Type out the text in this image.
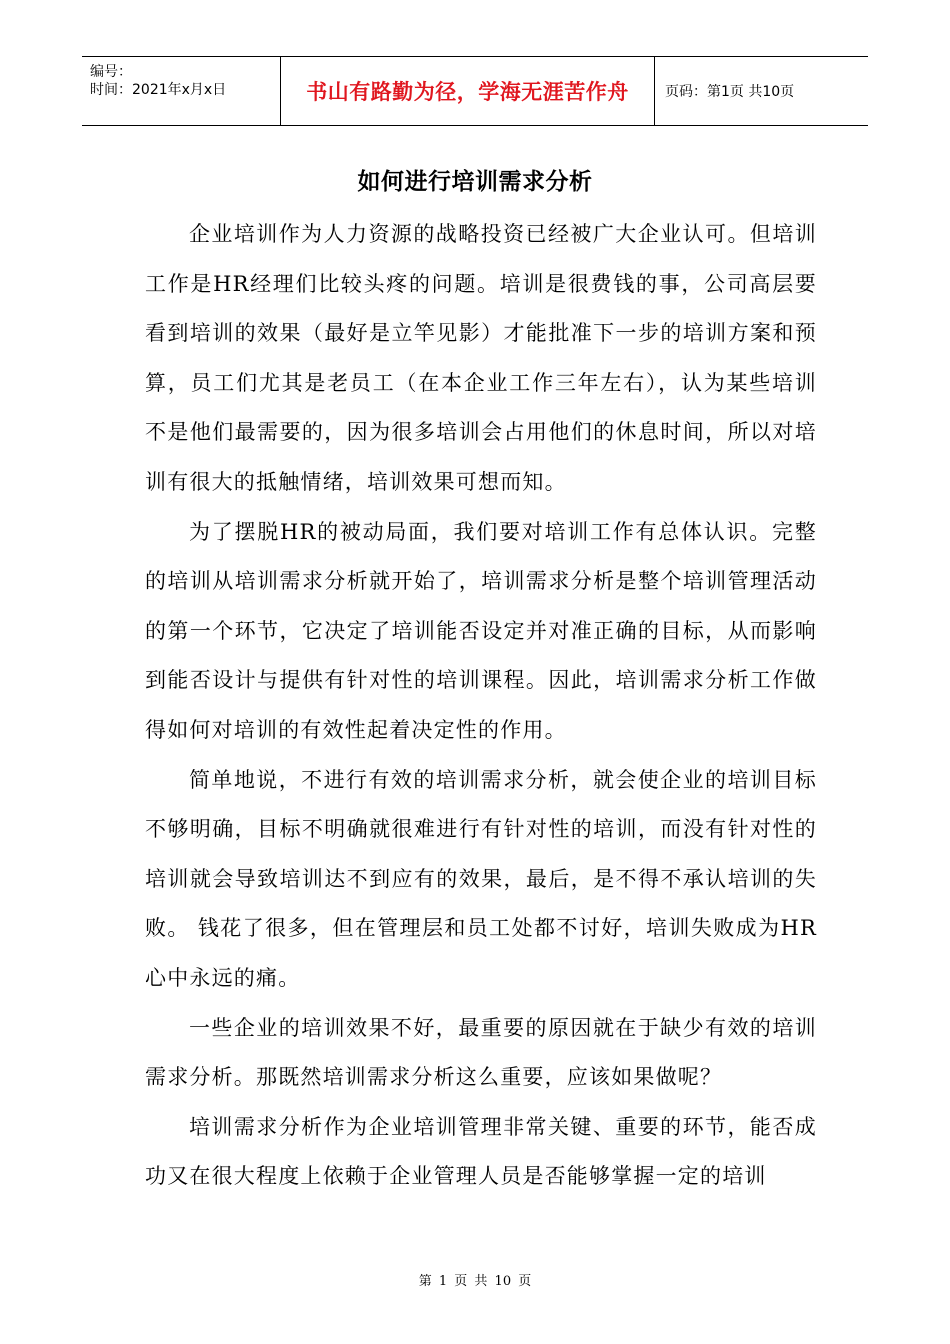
编号：
时间：2021年x月x日	书山有路勤为径，学海无涯苦作舟	页码：第1页 共10页
如何进行培训需求分析

企业培训作为人力资源的战略投资已经被广大企业认可。但培训工作是HR经理们比较头疼的问题。培训是很费钱的事，公司高层要看到培训的效果（最好是立竿见影）才能批准下一步的培训方案和预算，员工们尤其是老员工（在本企业工作三年左右），认为某些培训不是他们最需要的，因为很多培训会占用他们的休息时间，所以对培训有很大的抵触情绪，培训效果可想而知。

为了摆脱HR的被动局面，我们要对培训工作有总体认识。完整的培训从培训需求分析就开始了，培训需求分析是整个培训管理活动的第一个环节，它决定了培训能否设定并对准正确的目标，从而影响到能否设计与提供有针对性的培训课程。因此，培训需求分析工作做得如何对培训的有效性起着决定性的作用。

简单地说，不进行有效的培训需求分析，就会使企业的培训目标不够明确，目标不明确就很难进行有针对性的培训，而没有针对性的培训就会导致培训达不到应有的效果，最后，是不得不承认培训的失败。 钱花了很多，但在管理层和员工处都不讨好，培训失败成为HR心中永远的痛。

一些企业的培训效果不好，最重要的原因就在于缺少有效的培训需求分析。那既然培训需求分析这么重要，应该如果做呢？

培训需求分析作为企业培训管理非常关键、重要的环节，能否成功又在很大程度上依赖于企业管理人员是否能够掌握一定的培训

第 1 页 共 10 页
